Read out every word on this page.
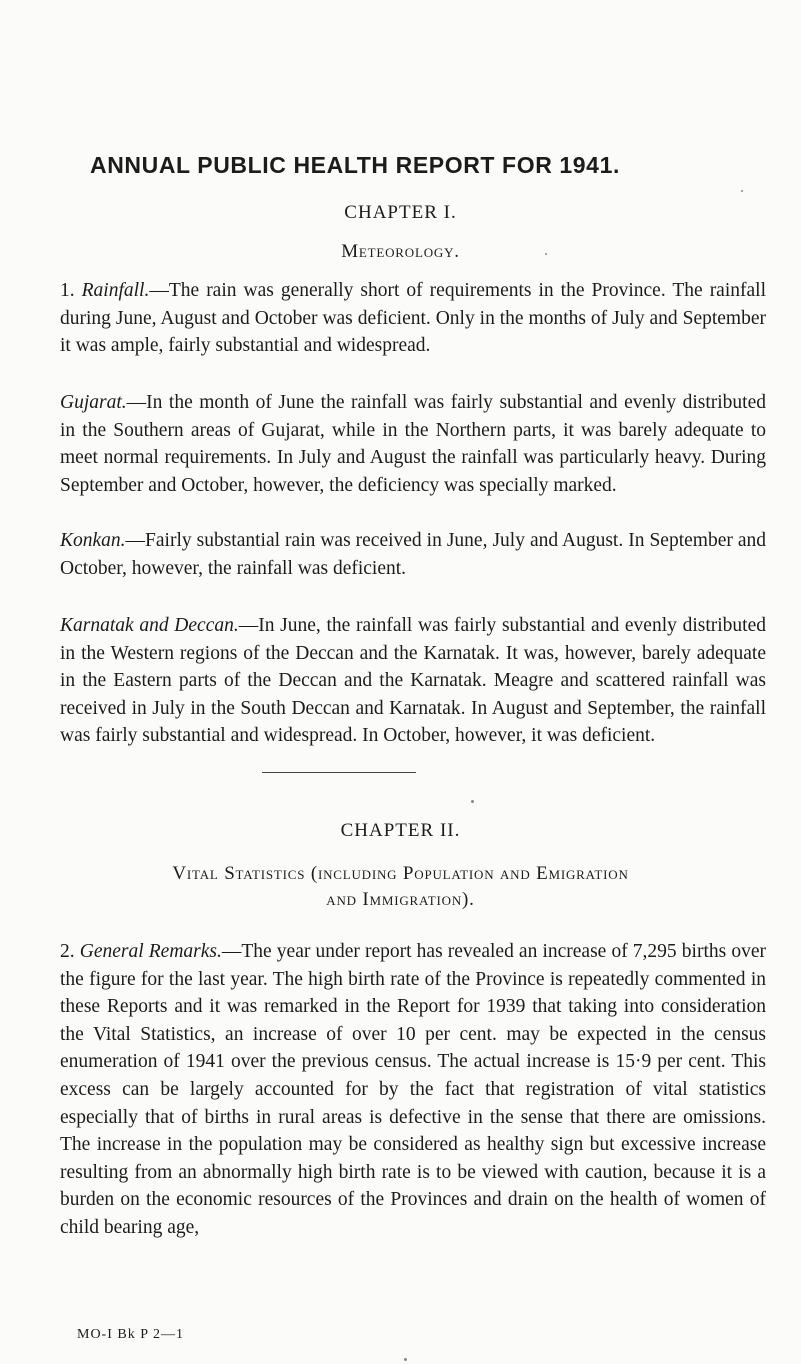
ANNUAL PUBLIC HEALTH REPORT FOR 1941.
CHAPTER I.
Meteorology.

1. Rainfall.—The rain was generally short of requirements in the Province. The rainfall during June, August and October was deficient. Only in the months of July and September it was ample, fairly substantial and widespread.

Gujarat.—In the month of June the rainfall was fairly substantial and evenly distributed in the Southern areas of Gujarat, while in the Northern parts, it was barely adequate to meet normal requirements. In July and August the rainfall was particularly heavy. During September and October, however, the deficiency was specially marked.

Konkan.—Fairly substantial rain was received in June, July and August. In September and October, however, the rainfall was deficient.

Karnatak and Deccan.—In June, the rainfall was fairly substantial and evenly distributed in the Western regions of the Deccan and the Karnatak. It was, however, barely adequate in the Eastern parts of the Deccan and the Karnatak. Meagre and scattered rainfall was received in July in the South Deccan and Karnatak. In August and September, the rainfall was fairly substantial and widespread. In October, however, it was deficient.

CHAPTER II.
Vital Statistics (including Population and Emigration
and Immigration).

2. General Remarks.—The year under report has revealed an increase of 7,295 births over the figure for the last year. The high birth rate of the Province is repeatedly commented in these Reports and it was remarked in the Report for 1939 that taking into consideration the Vital Statistics, an increase of over 10 per cent. may be expected in the census enumeration of 1941 over the previous census. The actual increase is 15·9 per cent. This excess can be largely accounted for by the fact that registration of vital statistics especially that of births in rural areas is defective in the sense that there are omissions. The increase in the population may be considered as healthy sign but excessive increase resulting from an abnormally high birth rate is to be viewed with caution, because it is a burden on the economic resources of the Provinces and drain on the health of women of child bearing age,

MO-I Bk P 2—1
